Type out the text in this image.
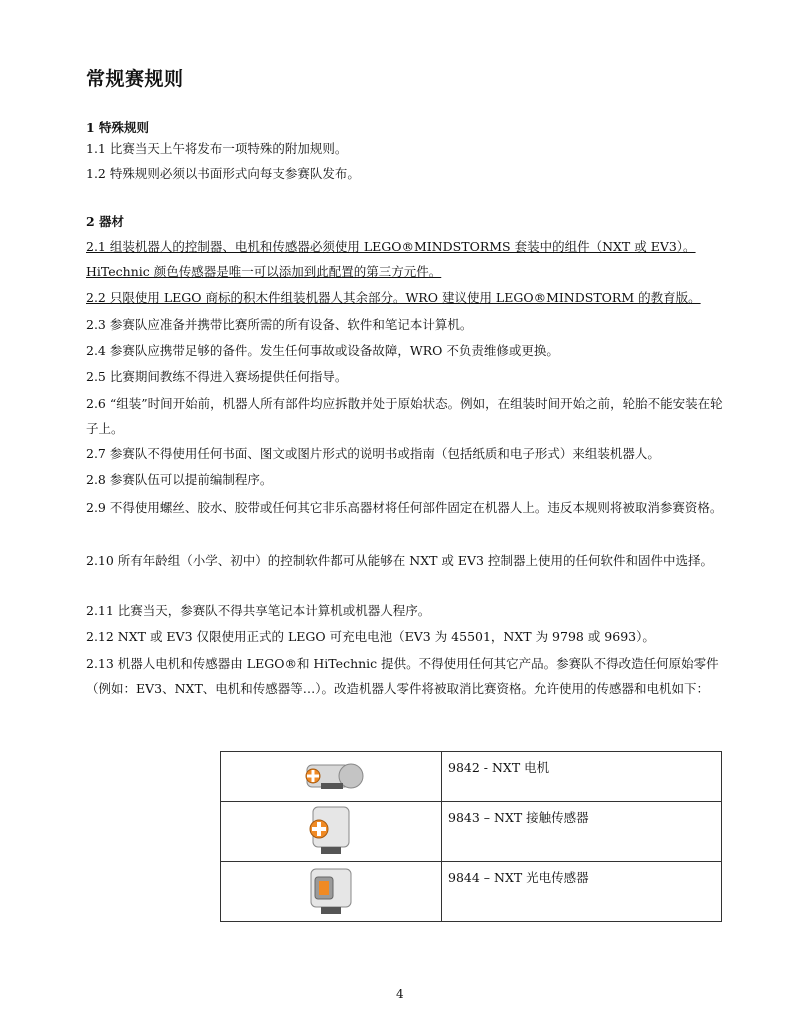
常规赛规则
1 特殊规则
1.1 比赛当天上午将发布一项特殊的附加规则。
1.2 特殊规则必须以书面形式向每支参赛队发布。
2 器材
2.1 组装机器人的控制器、电机和传感器必须使用 LEGO®MINDSTORMS 套装中的组件（NXT 或 EV3）。
HiTechnic 颜色传感器是唯一可以添加到此配置的第三方元件。
2.2 只限使用 LEGO 商标的积木件组装机器人其余部分。WRO 建议使用 LEGO®MINDSTORM 的教育版。
2.3 参赛队应准备并携带比赛所需的所有设备、软件和笔记本计算机。
2.4 参赛队应携带足够的备件。发生任何事故或设备故障，WRO 不负责维修或更换。
2.5 比赛期间教练不得进入赛场提供任何指导。
2.6 “组装”时间开始前，机器人所有部件均应拆散并处于原始状态。例如，在组装时间开始之前，轮胎不能安装在轮子上。
2.7 参赛队不得使用任何书面、图文或图片形式的说明书或指南（包括纸质和电子形式）来组装机器人。
2.8 参赛队伍可以提前编制程序。
2.9 不得使用螺丝、胶水、胶带或任何其它非乐高器材将任何部件固定在机器人上。违反本规则将被取消参赛资格。
2.10 所有年龄组（小学、初中）的控制软件都可从能够在 NXT 或 EV3 控制器上使用的任何软件和固件中选择。
2.11 比赛当天，参赛队不得共享笔记本计算机或机器人程序。
2.12 NXT 或 EV3 仅限使用正式的 LEGO 可充电电池（EV3 为 45501，NXT 为 9798 或 9693）。
2.13 机器人电机和传感器由 LEGO®和 HiTechnic 提供。不得使用任何其它产品。参赛队不得改造任何原始零件（例如：EV3、NXT、电机和传感器等…）。改造机器人零件将被取消比赛资格。允许使用的传感器和电机如下：
	9842 - NXT 电机
	9843 – NXT 接触传感器
	9844 – NXT 光电传感器
4
